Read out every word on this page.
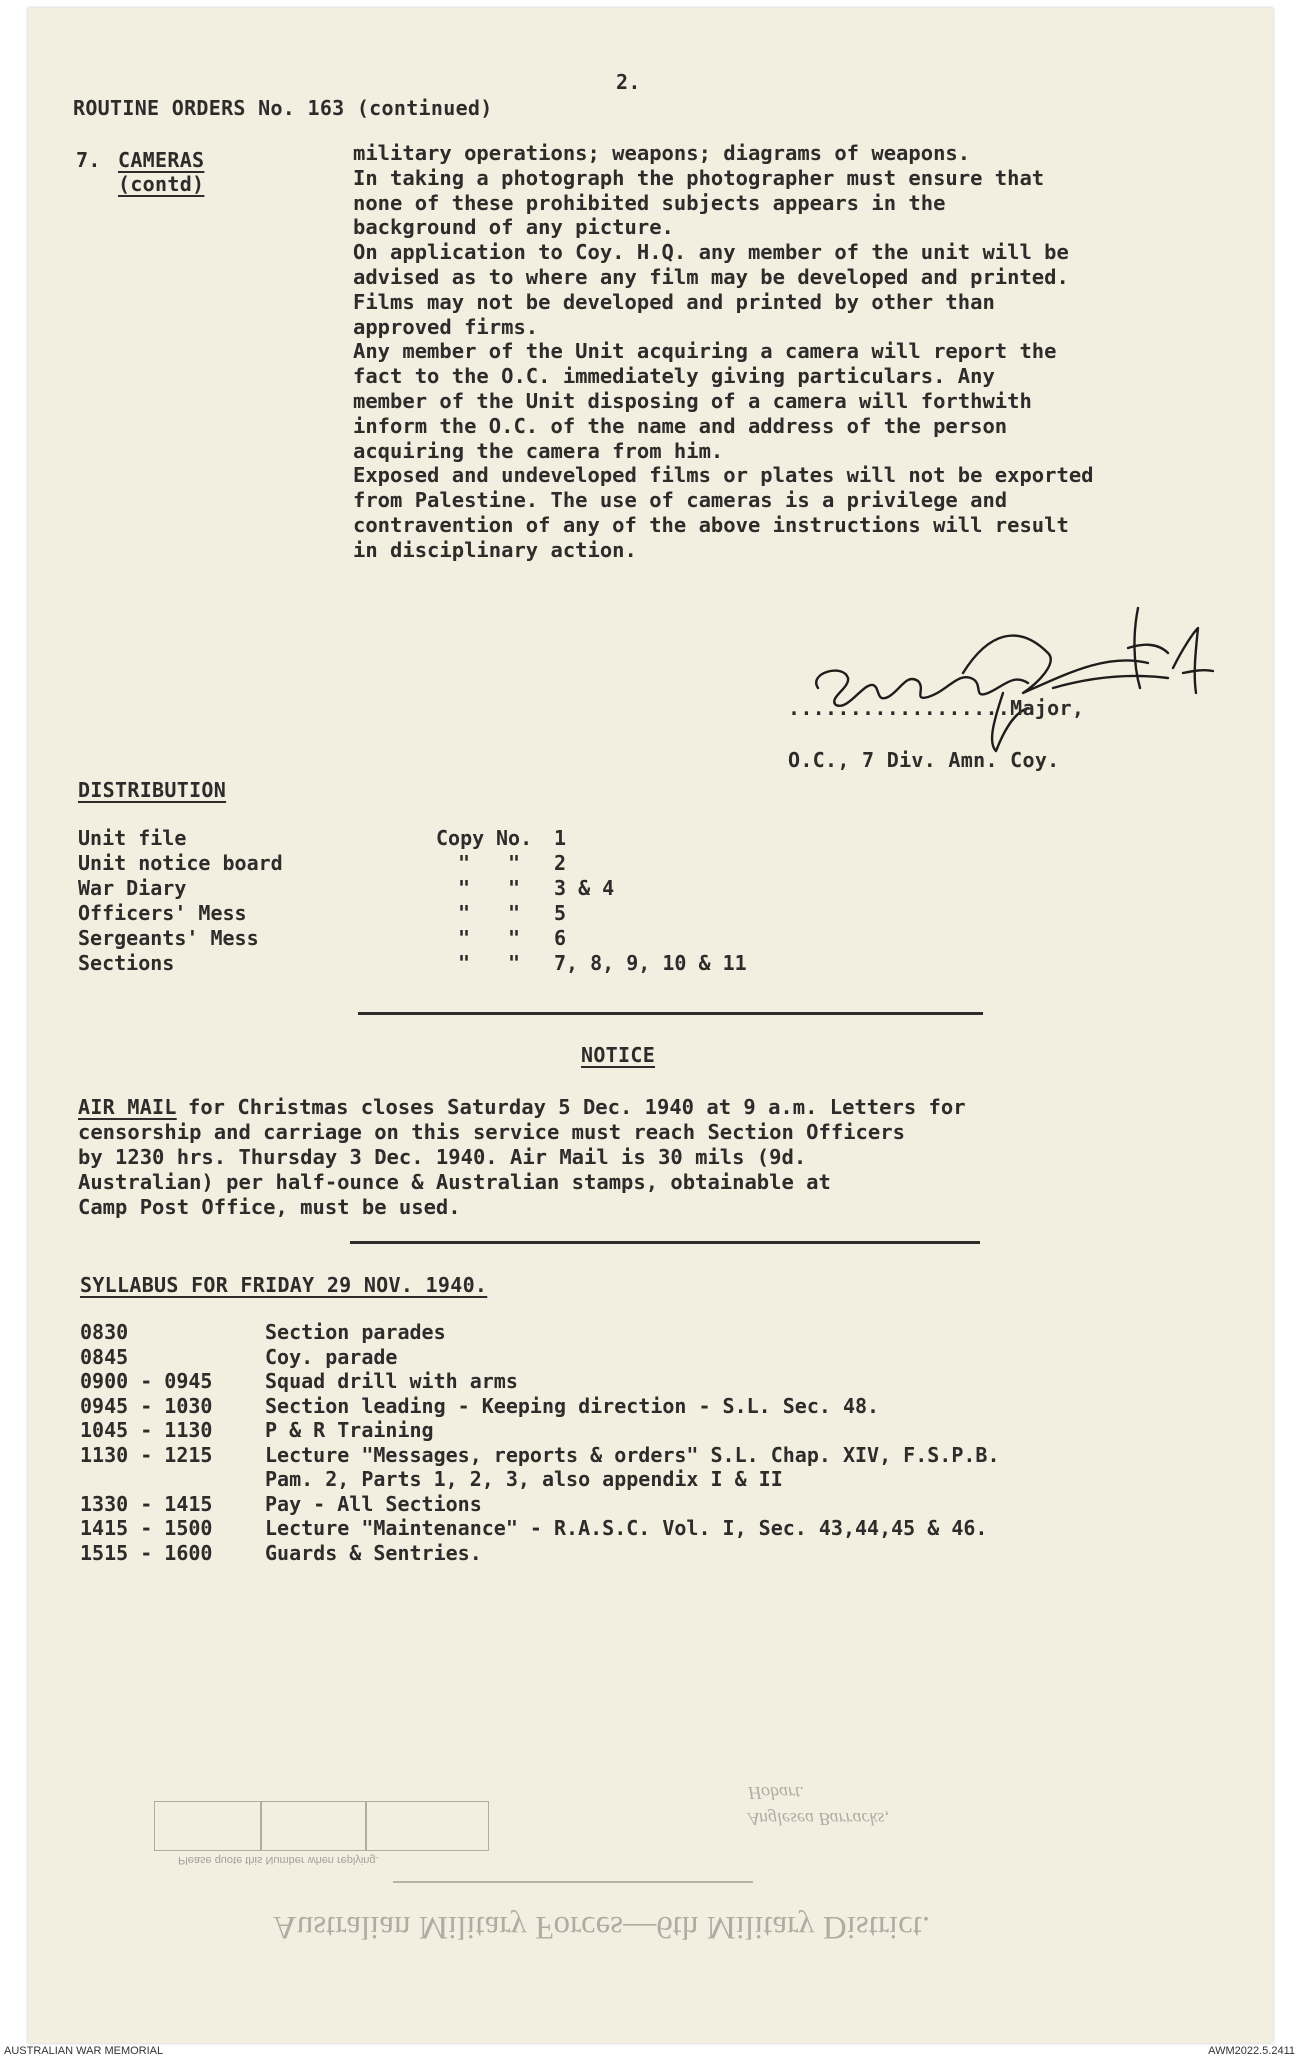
2.
ROUTINE ORDERS No. 163 (continued)
7. CAMERAS
(contd)
military operations; weapons; diagrams of weapons.
In taking a photograph the photographer must ensure that
none of these prohibited subjects appears in the
background of any picture.
On application to Coy. H.Q. any member of the unit will be
advised as to where any film may be developed and printed.
Films may not be developed and printed by other than
approved firms.
Any member of the Unit acquiring a camera will report the
fact to the O.C. immediately giving particulars. Any
member of the Unit disposing of a camera will forthwith
inform the O.C. of the name and address of the person
acquiring the camera from him.
Exposed and undeveloped films or plates will not be exported
from Palestine. The use of cameras is a privilege and
contravention of any of the above instructions will result
in disciplinary action.
..................Major,
O.C., 7 Div. Amn. Coy.
DISTRIBUTION
Unit file	Copy No. 1
Unit notice board	" " 2
War Diary	" " 3 & 4
Officers' Mess	" " 5
Sergeants' Mess	" " 6
Sections	" " 7, 8, 9, 10 & 11
NOTICE
AIR MAIL for Christmas closes Saturday 5 Dec. 1940 at 9 a.m. Letters for
censorship and carriage on this service must reach Section Officers
by 1230 hrs. Thursday 3 Dec. 1940. Air Mail is 30 mils (9d.
Australian) per half-ounce & Australian stamps, obtainable at
Camp Post Office, must be used.
SYLLABUS FOR FRIDAY 29 NOV. 1940.
0830	Section parades
0845	Coy. parade
0900 - 0945	Squad drill with arms
0945 - 1030	Section leading - Keeping direction - S.L. Sec. 48.
1045 - 1130	P & R Training
1130 - 1215	Lecture "Messages, reports & orders" S.L. Chap. XIV, F.S.P.B.
Pam. 2, Parts 1, 2, 3, also appendix I & II
1330 - 1415	Pay - All Sections
1415 - 1500	Lecture "Maintenance" - R.A.S.C. Vol. I, Sec. 43,44,45 & 46.
1515 - 1600	Guards & Sentries.
Please quote this Number when replying.
Hobart.
Anglesea Barracks,
Australian Military Forces—6th Military District.
AUSTRALIAN WAR MEMORIAL	AWM2022.5.2411
